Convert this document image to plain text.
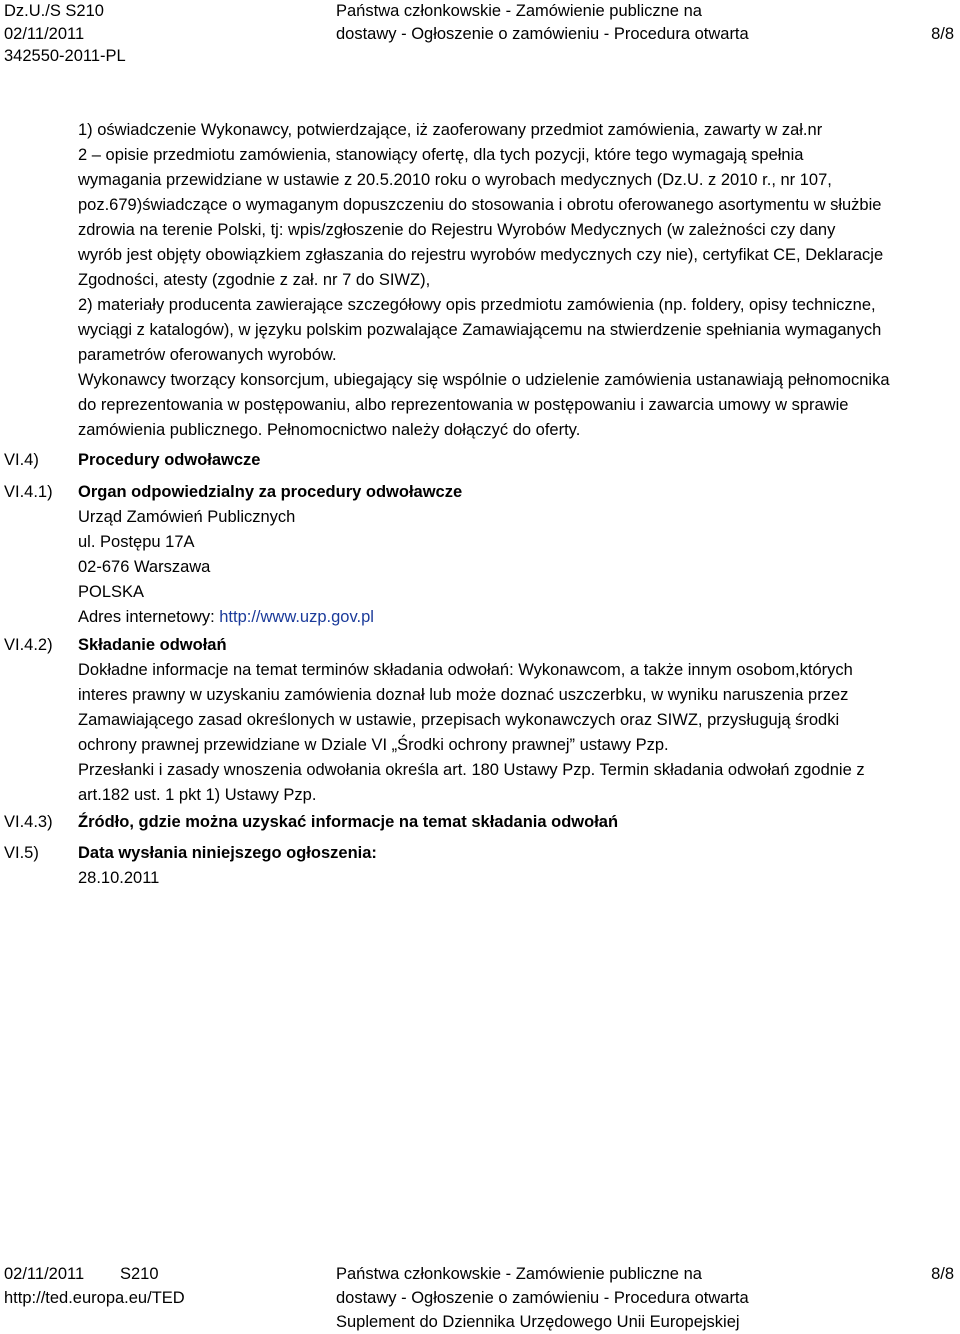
Dz.U./S S210
02/11/2011
342550-2011-PL
Państwa członkowskie - Zamówienie publiczne na
dostawy - Ogłoszenie o zamówieniu - Procedura otwarta	8/8
1) oświadczenie Wykonawcy, potwierdzające, iż zaoferowany przedmiot zamówienia, zawarty w zał.nr
2 – opisie przedmiotu zamówienia, stanowiący ofertę, dla tych pozycji, które tego wymagają spełnia
wymagania przewidziane w ustawie z 20.5.2010 roku o wyrobach medycznych (Dz.U. z 2010 r., nr 107,
poz.679)świadczące o wymaganym dopuszczeniu do stosowania i obrotu oferowanego asortymentu w służbie
zdrowia na terenie Polski, tj: wpis/zgłoszenie do Rejestru Wyrobów Medycznych (w zależności czy dany
wyrób jest objęty obowiązkiem zgłaszania do rejestru wyrobów medycznych czy nie), certyfikat CE, Deklaracje
Zgodności, atesty (zgodnie z zał. nr 7 do SIWZ),
2) materiały producenta zawierające szczegółowy opis przedmiotu zamówienia (np. foldery, opisy techniczne,
wyciągi z katalogów), w języku polskim pozwalające Zamawiającemu na stwierdzenie spełniania wymaganych
parametrów oferowanych wyrobów.
Wykonawcy tworzący konsorcjum, ubiegający się wspólnie o udzielenie zamówienia ustanawiają pełnomocnika
do reprezentowania w postępowaniu, albo reprezentowania w postępowaniu i zawarcia umowy w sprawie
zamówienia publicznego. Pełnomocnictwo należy dołączyć do oferty.
VI.4) Procedury odwoławcze
VI.4.1) Organ odpowiedzialny za procedury odwoławcze
Urząd Zamówień Publicznych
ul. Postępu 17A
02-676 Warszawa
POLSKA
Adres internetowy: http://www.uzp.gov.pl
VI.4.2) Składanie odwołań
Dokładne informacje na temat terminów składania odwołań: Wykonawcom, a także innym osobom,których
interes prawny w uzyskaniu zamówienia doznał lub może doznać uszczerbku, w wyniku naruszenia przez
Zamawiającego zasad określonych w ustawie, przepisach wykonawczych oraz SIWZ, przysługują środki
ochrony prawnej przewidziane w Dziale VI „Środki ochrony prawnej” ustawy Pzp.
Przesłanki i zasady wnoszenia odwołania określa art. 180 Ustawy Pzp. Termin składania odwołań zgodnie z
art.182 ust. 1 pkt 1) Ustawy Pzp.
VI.4.3) Źródło, gdzie można uzyskać informacje na temat składania odwołań
VI.5) Data wysłania niniejszego ogłoszenia:
28.10.2011
02/11/2011 S210
http://ted.europa.eu/TED
Państwa członkowskie - Zamówienie publiczne na
dostawy - Ogłoszenie o zamówieniu - Procedura otwarta
Suplement do Dziennika Urzędowego Unii Europejskiej
8/8
